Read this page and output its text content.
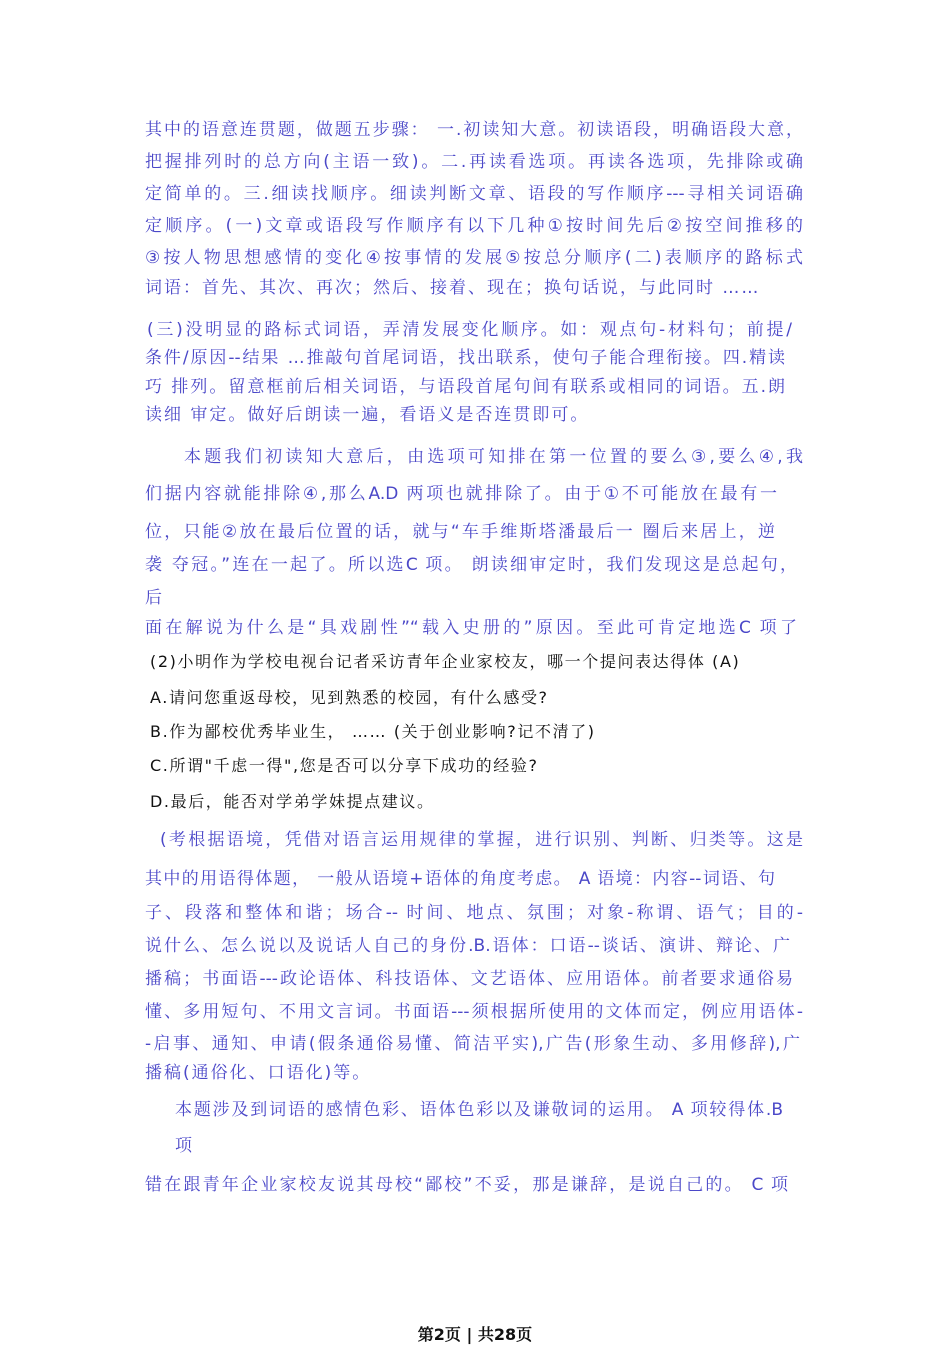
其中的语意连贯题，做题五步骤： 一.初读知大意。初读语段，明确语段大意，
把握排列时的总方向(主语一致)。二.再读看选项。再读各选项，先排除或确
定简单的。三.细读找顺序。细读判断文章、语段的写作顺序---寻相关词语确
定顺序。(一)文章或语段写作顺序有以下几种①按时间先后②按空间推移的
③按人物思想感情的变化④按事情的发展⑤按总分顺序(二)表顺序的路标式
词语：首先、其次、再次；然后、接着、现在；换句话说，与此同时 ……
(三)没明显的路标式词语，弄清发展变化顺序。如：观点句-材料句；前提/
条件/原因--结果 …推敲句首尾词语，找出联系，使句子能合理衔接。四.精读
巧 排列。留意框前后相关词语，与语段首尾句间有联系或相同的词语。五.朗
读细 审定。做好后朗读一遍，看语义是否连贯即可。
本题我们初读知大意后，由选项可知排在第一位置的要么③,要么④,我
们据内容就能排除④,那么A.D 两项也就排除了。由于①不可能放在最有一
位，只能②放在最后位置的话，就与“车手维斯塔潘最后一 圈后来居上，逆
袭 夺冠。”连在一起了。所以选C 项。 朗读细审定时，我们发现这是总起句，
后
面在解说为什么是“具戏剧性”“载入史册的”原因。至此可肯定地选C 项了
(2)小明作为学校电视台记者采访青年企业家校友，哪一个提问表达得体 (A)
A.请问您重返母校，见到熟悉的校园，有什么感受?
B.作为鄙校优秀毕业生， …… (关于创业影响?记不清了)
C.所谓"千虑一得",您是否可以分享下成功的经验?
D.最后，能否对学弟学妹提点建议。
(考根据语境，凭借对语言运用规律的掌握，进行识别、判断、归类等。这是
其中的用语得体题， 一般从语境+语体的角度考虑。 A 语境：内容--词语、句
子、段落和整体和谐；场合-- 时间、地点、氛围；对象-称谓、语气；目的-
说什么、怎么说以及说话人自己的身份.B.语体：口语--谈话、演讲、辩论、广
播稿；书面语---政论语体、科技语体、文艺语体、应用语体。前者要求通俗易
懂、多用短句、不用文言词。书面语---须根据所使用的文体而定，例应用语体-
-启事、通知、申请(假条通俗易懂、简洁平实),广告(形象生动、多用修辞),广
播稿(通俗化、口语化)等。
本题涉及到词语的感情色彩、语体色彩以及谦敬词的运用。 A 项较得体.B
项
错在跟青年企业家校友说其母校“鄙校”不妥，那是谦辞，是说自己的。 C 项
第2页 | 共28页
